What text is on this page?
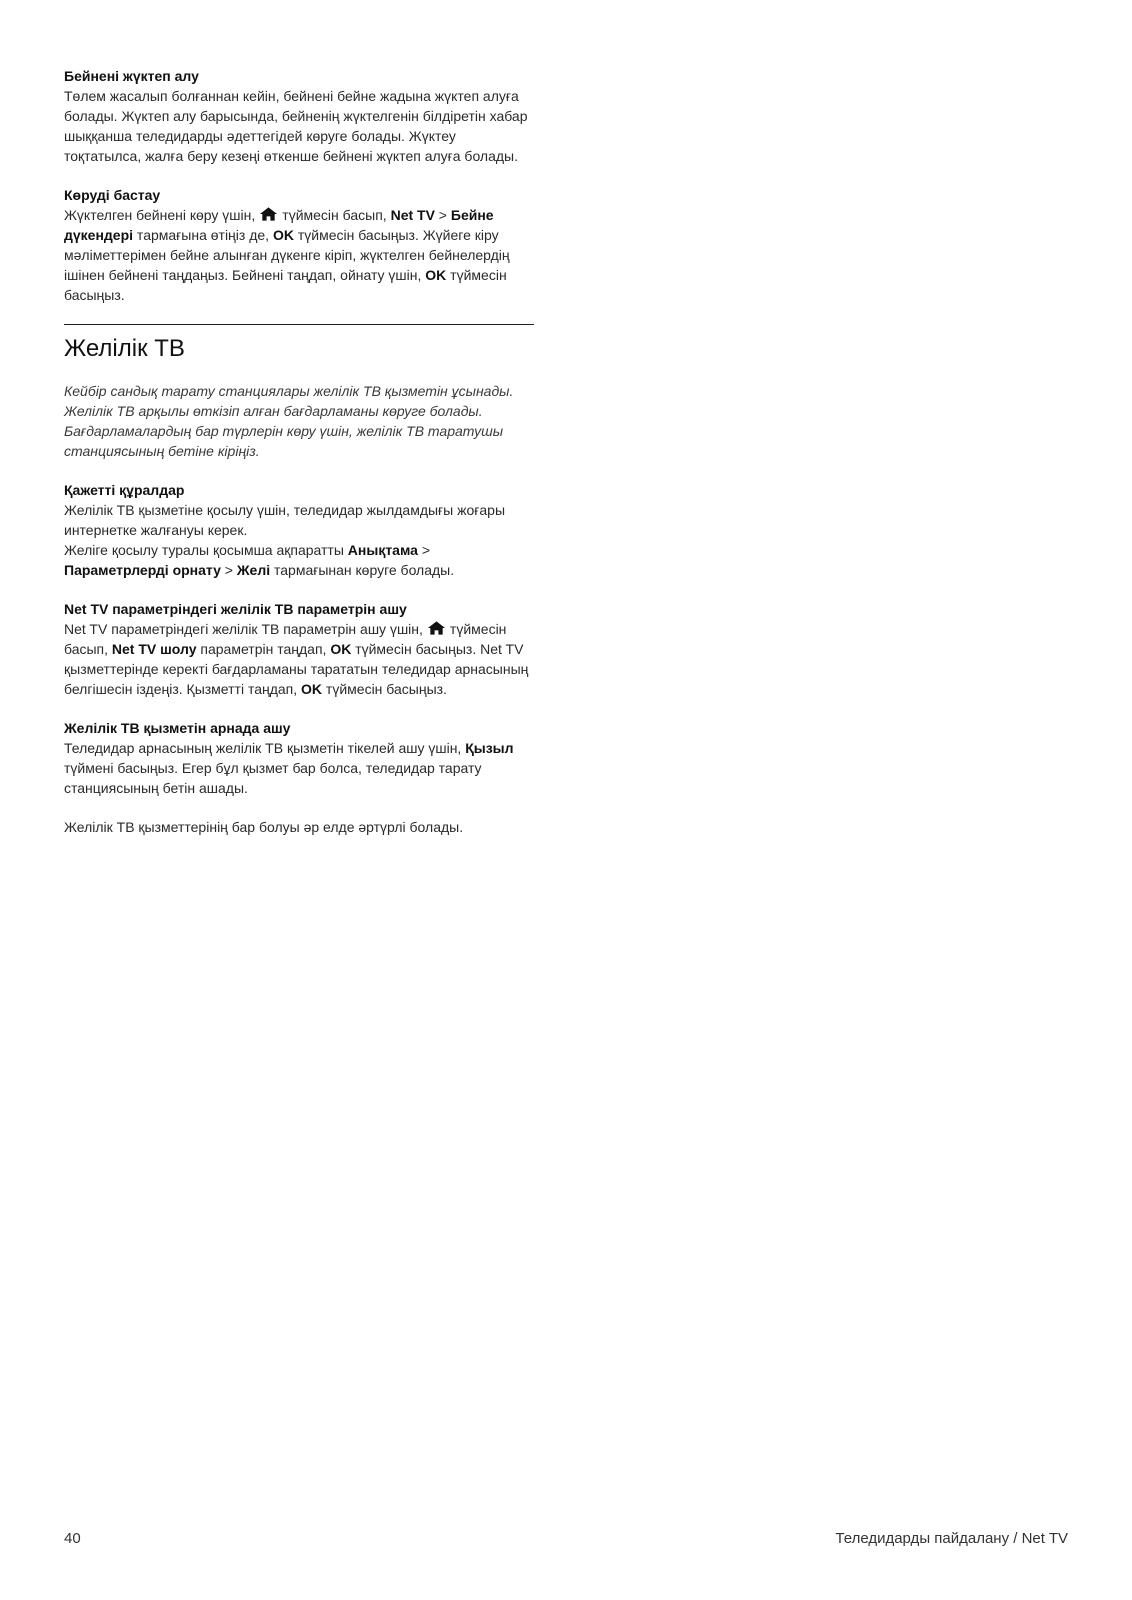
Бейнені жүктеп алу

Төлем жасалып болғаннан кейін, бейнені бейне жадына жүктеп алуға болады. Жүктеп алу барысында, бейненің жүктелгенін білдіретін хабар шыққанша теледидарды әдеттегідей көруге болады. Жүктеу тоқтатылса, жалға беру кезеңі өткенше бейнені жүктеп алуға болады.

Көруді бастау

Жүктелген бейнені көру үшін, түймесін басып, Net TV > Бейне дүкендері тармағына өтіңіз де, OK түймесін басыңыз. Жүйеге кіру мәліметтерімен бейне алынған дүкенге кіріп, жүктелген бейнелердің ішінен бейнені таңдаңыз. Бейнені таңдап, ойнату үшін, OK түймесін басыңыз.

Желілік ТВ

Кейбір сандық тарату станциялары желілік ТВ қызметін ұсынады. Желілік ТВ арқылы өткізіп алған бағдарламаны көруге болады. Бағдарламалардың бар түрлерін көру үшін, желілік ТВ таратушы станциясының бетіне кіріңіз.

Қажетті құралдар

Желілік ТВ қызметіне қосылу үшін, теледидар жылдамдығы жоғары интернетке жалғануы керек.

Желіге қосылу туралы қосымша ақпаратты Анықтама > Параметрлерді орнату > Желі тармағынан көруге болады.

Net TV параметріндегі желілік ТВ параметрін ашу

Net TV параметріндегі желілік ТВ параметрін ашу үшін, түймесін басып, Net TV шолу параметрін таңдап, OK түймесін басыңыз. Net TV қызметтерінде керекті бағдарламаны тарататын теледидар арнасының белгішесін іздеңіз. Қызметті таңдап, OK түймесін басыңыз.

Желілік ТВ қызметін арнада ашу

Теледидар арнасының желілік ТВ қызметін тікелей ашу үшін, Қызыл түймені басыңыз. Егер бұл қызмет бар болса, теледидар тарату станциясының бетін ашады.

Желілік ТВ қызметтерінің бар болуы әр елде әртүрлі болады.

40	Теледидарды пайдалану / Net TV
